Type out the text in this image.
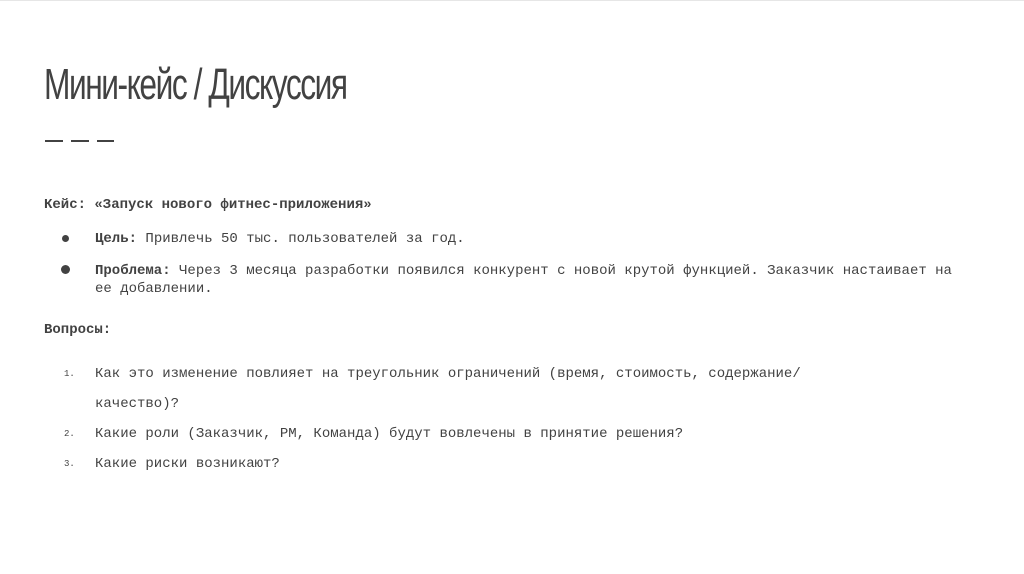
Мини-кейс / Дискуссия
Кейс: «Запуск нового фитнес-приложения»
Цель: Привлечь 50 тыс. пользователей за год.
Проблема: Через 3 месяца разработки появился конкурент с новой крутой функцией. Заказчик настаивает на ее добавлении.
Вопросы:
1. Как это изменение повлияет на треугольник ограничений (время, стоимость, содержание/качество)?
2. Какие роли (Заказчик, PM, Команда) будут вовлечены в принятие решения?
3. Какие риски возникают?
